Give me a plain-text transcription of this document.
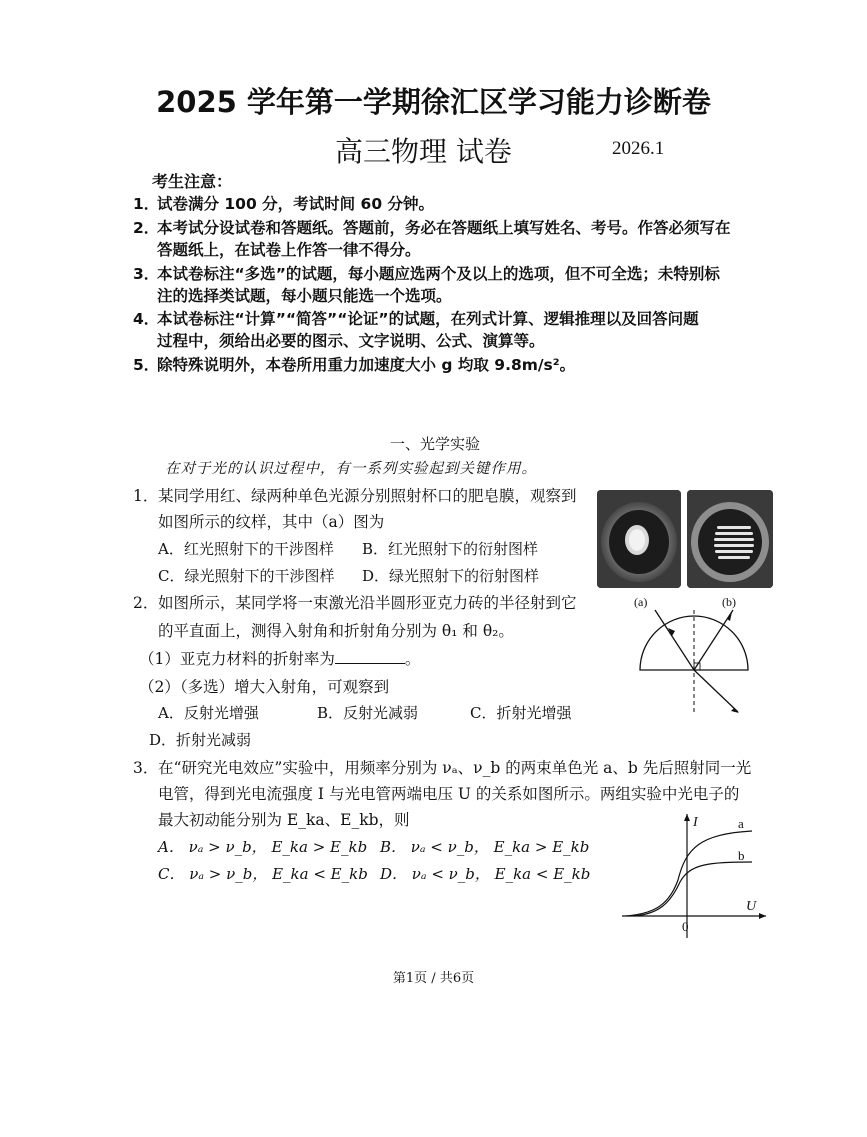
2025 学年第一学期徐汇区学习能力诊断卷
高三物理 试卷	2026.1
考生注意：
1．
试卷满分 100 分，考试时间 60 分钟。
2．
本考试分设试卷和答题纸。答题前，务必在答题纸上填写姓名、考号。作答必须写在
答题纸上，在试卷上作答一律不得分。
3．
本试卷标注“多选”的试题，每小题应选两个及以上的选项，但不可全选；未特别标
注的选择类试题，每小题只能选一个选项。
4．
本试卷标注“计算”“简答”“论证”的试题，在列式计算、逻辑推理以及回答问题
过程中，须给出必要的图示、文字说明、公式、演算等。
5．
除特殊说明外，本卷所用重力加速度大小 g 均取 9.8m/s²。
一、光学实验
在对于光的认识过程中，有一系列实验起到关键作用。
1． 某同学用红、绿两种单色光源分别照射杯口的肥皂膜，观察到
如图所示的纹样，其中（a）图为
A．红光照射下的干涉图样 B．红光照射下的衍射图样
C．绿光照射下的干涉图样 D．绿光照射下的衍射图样
2． 如图所示，某同学将一束激光沿半圆形亚克力砖的半径射到它
的平直面上，测得入射角和折射角分别为 θ₁ 和 θ₂。
（1）亚克力材料的折射率为	。
（2）（多选）增大入射角，可观察到
A．反射光增强	B．反射光减弱	C．折射光增强
D．折射光减弱
(a)	(b)
3． 在“研究光电效应”实验中，用频率分别为 νₐ、ν_b 的两束单色光 a、b 先后照射同一光
电管，得到光电流强度 I 与光电管两端电压 U 的关系如图所示。两组实验中光电子的
最大初动能分别为 E_ka、E_kb，则
A． νₐ > ν_b， E_ka > E_kb B． νₐ < ν_b， E_ka > E_kb
C． νₐ > ν_b， E_ka < E_kb D． νₐ < ν_b， E_ka < E_kb
I
U
0
a
b
第1页 / 共6页
